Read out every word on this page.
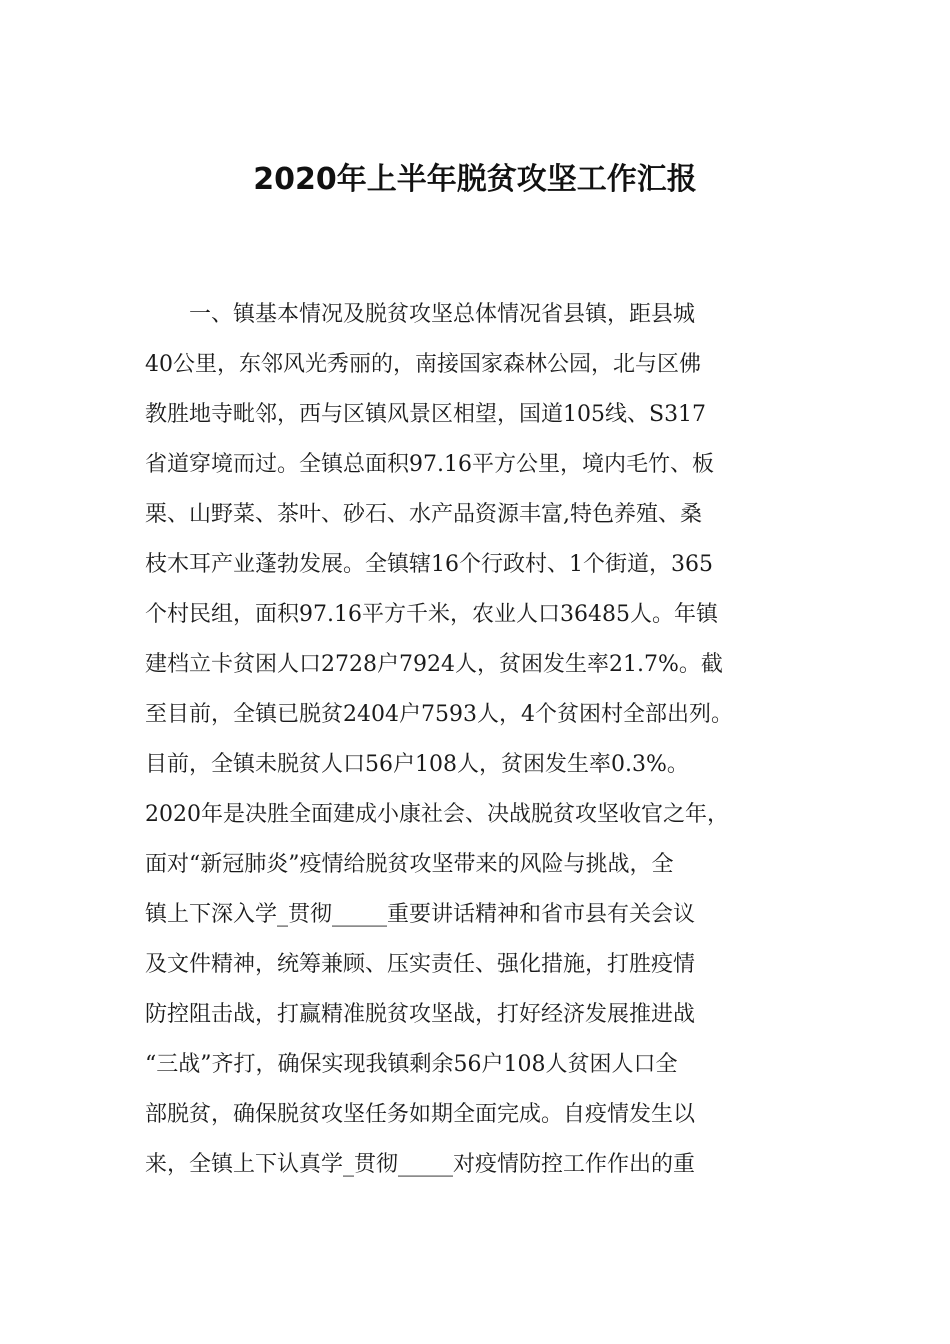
2020年上半年脱贫攻坚工作汇报
　　一、镇基本情况及脱贫攻坚总体情况省县镇，距县城
40公里，东邻风光秀丽的，南接国家森林公园，北与区佛
教胜地寺毗邻，西与区镇风景区相望，国道105线、S317
省道穿境而过。全镇总面积97.16平方公里，境内毛竹、板
栗、山野菜、茶叶、砂石、水产品资源丰富,特色养殖、桑
枝木耳产业蓬勃发展。全镇辖16个行政村、1个街道，365
个村民组，面积97.16平方千米，农业人口36485人。年镇
建档立卡贫困人口2728户7924人，贫困发生率21.7%。截
至目前，全镇已脱贫2404户7593人，4个贫困村全部出列。
目前，全镇未脱贫人口56户108人，贫困发生率0.3%。
2020年是决胜全面建成小康社会、决战脱贫攻坚收官之年，
面对“新冠肺炎”疫情给脱贫攻坚带来的风险与挑战，全
镇上下深入学_贯彻_____重要讲话精神和省市县有关会议
及文件精神，统筹兼顾、压实责任、强化措施，打胜疫情
防控阻击战，打赢精准脱贫攻坚战，打好经济发展推进战
“三战”齐打，确保实现我镇剩余56户108人贫困人口全
部脱贫，确保脱贫攻坚任务如期全面完成。自疫情发生以
来，全镇上下认真学_贯彻_____对疫情防控工作作出的重
